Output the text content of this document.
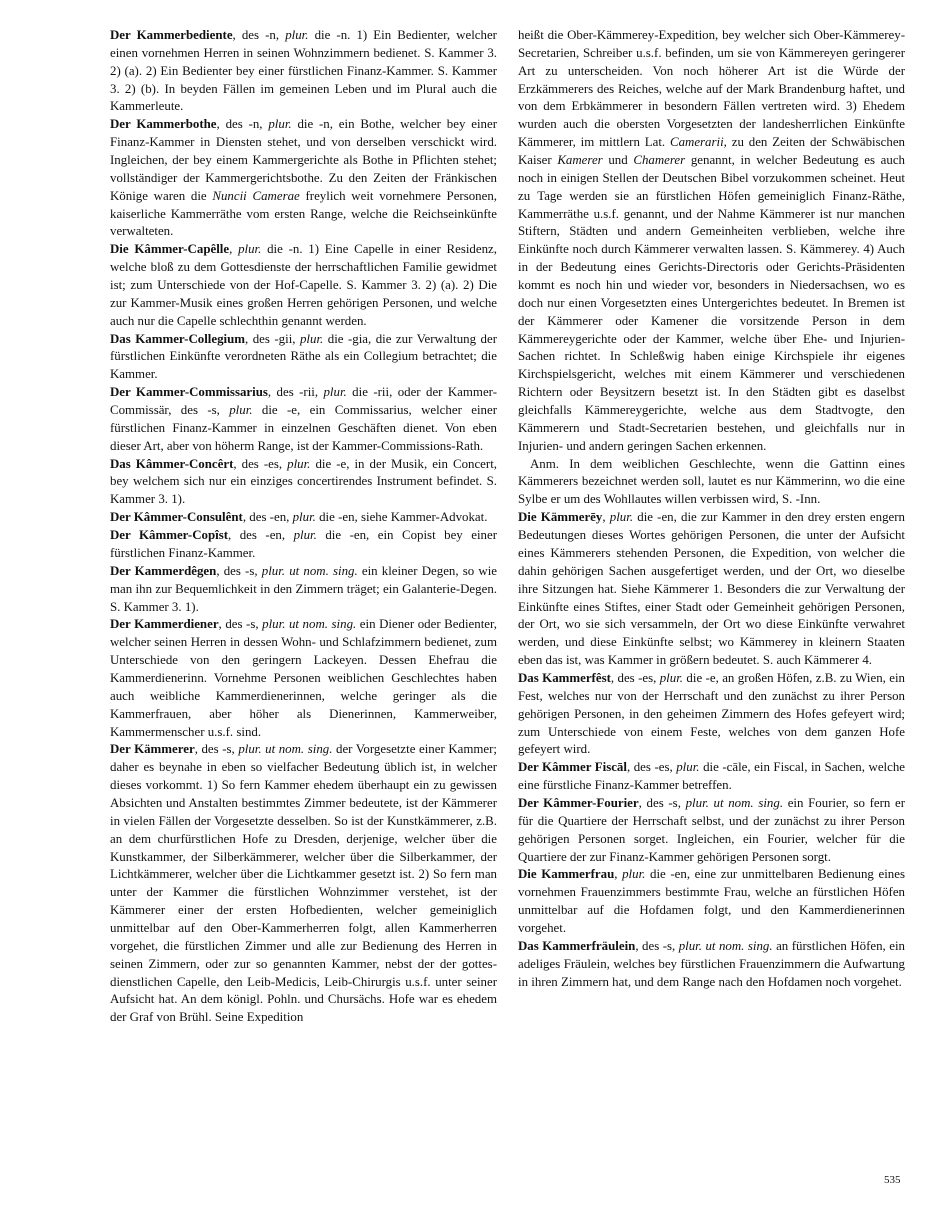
Der Kammerbediente, des -n, plur. die -n. 1) Ein Bedienter, welcher einen vornehmen Herren in seinen Wohnzimmern bedienet. S. Kammer 3. 2) (a). 2) Ein Bedienter bey einer fürstlichen Finanz-Kammer. S. Kammer 3. 2) (b). In beyden Fällen im gemeinen Leben und im Plural auch die Kammerleute.

Der Kammerbothe, des -n, plur. die -n, ein Bothe, welcher bey einer Finanz-Kammer in Diensten stehet, und von derselben verschickt wird. Ingleichen, der bey einem Kammergerichte als Bothe in Pflichten stehet; vollständiger der Kammergerichtsbothe. Zu den Zeiten der Fränkischen Könige waren die Nuncii Camerae freylich weit vornehmere Personen, kaiserliche Kammerräthe vom ersten Range, welche die Reichseinkünfte verwalteten.

Die Kâmmer-Capêlle, plur. die -n. 1) Eine Capelle in einer Residenz, welche bloß zu dem Gottesdienste der herrschaftlichen Familie gewidmet ist; zum Unterschiede von der Hof-Capelle. S. Kammer 3. 2) (a). 2) Die zur Kammer-Musik eines großen Herren gehörigen Personen, und welche auch nur die Capelle schlechthin genannt werden.

Das Kammer-Collegium, des -gii, plur. die -gia, die zur Verwaltung der fürstlichen Einkünfte verordneten Räthe als ein Collegium betrachtet; die Kammer.

Der Kammer-Commissarius, des -rii, plur. die -rii, oder der Kammer-Commissär, des -s, plur. die -e, ein Commissarius, welcher einer fürstlichen Finanz-Kammer in einzelnen Geschäften dienet. Von eben dieser Art, aber von höherm Range, ist der Kammer-Commissions-Rath.

Das Kâmmer-Concêrt, des -es, plur. die -e, in der Musik, ein Concert, bey welchem sich nur ein einziges concertirendes Instrument befindet. S. Kammer 3. 1).

Der Kâmmer-Consulênt, des -en, plur. die -en, siehe Kammer-Advokat.

Der Kâmmer-Copîst, des -en, plur. die -en, ein Copist bey einer fürstlichen Finanz-Kammer.

Der Kammerdêgen, des -s, plur. ut nom. sing. ein kleiner Degen, so wie man ihn zur Bequemlichkeit in den Zimmern träget; ein Galanterie-Degen. S. Kammer 3. 1).

Der Kammerdiener, des -s, plur. ut nom. sing. ein Diener oder Bedienter, welcher seinen Herren in dessen Wohn- und Schlafzimmern bedienet, zum Unterschiede von den geringern Lackeyen. Dessen Ehefrau die Kammerdienerinn. Vornehme Personen weiblichen Geschlechtes haben auch weibliche Kammerdienerinnen, welche geringer als die Kammerfrauen, aber höher als Dienerinnen, Kammerweiber, Kammermenscher u.s.f. sind.

Der Kämmerer, des -s, plur. ut nom. sing. der Vorgesetzte einer Kammer; daher es beynahe in eben so vielfacher Bedeutung üblich ist, in welcher dieses vorkommt. 1) So fern Kammer ehedem überhaupt ein zu gewissen Absichten und Anstalten bestimmtes Zimmer bedeutete, ist der Kämmerer in vielen Fällen der Vorgesetzte desselben. So ist der Kunstkämmerer, z.B. an dem churfürstlichen Hofe zu Dresden, derjenige, welcher über die Kunstkammer, der Silberkämmerer, welcher über die Silberkammer, der Lichtkämmerer, welcher über die Lichtkammer gesetzt ist. 2) So fern man unter der Kammer die fürstlichen Wohnzimmer verstehet, ist der Kämmerer einer der ersten Hofbedienten, welcher gemeiniglich unmittelbar auf den Ober-Kammerherren folgt, allen Kammerherren vorgehet, die fürstlichen Zimmer und alle zur Bedienung des Herren in seinen Zimmern, oder zur so genannten Kammer, nebst der der gottesdienstlichen Capelle, den Leib-Medicis, Leib-Chirurgis u.s.f. unter seiner Aufsicht hat. An dem königl. Pohln. und Chursächs. Hofe war es ehedem der Graf von Brühl. Seine Expedition

heißt die Ober-Kämmerey-Expedition, bey welcher sich Ober-Kämmerey-Secretarien, Schreiber u.s.f. befinden, um sie von Kämmereyen geringerer Art zu unterscheiden. Von noch höherer Art ist die Würde der Erzkämmerers des Reiches, welche auf der Mark Brandenburg haftet, und von dem Erbkämmerer in besondern Fällen vertreten wird. 3) Ehedem wurden auch die obersten Vorgesetzten der landesherrlichen Einkünfte Kämmerer, im mittlern Lat. Camerarii, zu den Zeiten der Schwäbischen Kaiser Kamerer und Chamerer genannt, in welcher Bedeutung es auch noch in einigen Stellen der Deutschen Bibel vorzukommen scheinet. Heut zu Tage werden sie an fürstlichen Höfen gemeiniglich Finanz-Räthe, Kammerräthe u.s.f. genannt, und der Nahme Kämmerer ist nur manchen Stiftern, Städten und andern Gemeinheiten verblieben, welche ihre Einkünfte noch durch Kämmerer verwalten lassen. S. Kämmerey. 4) Auch in der Bedeutung eines Gerichts-Directoris oder Gerichts-Präsidenten kommt es noch hin und wieder vor, besonders in Niedersachsen, wo es doch nur einen Vorgesetzten eines Untergerichtes bedeutet. In Bremen ist der Kämmerer oder Kamener die vorsitzende Person in dem Kämmereygerichte oder der Kammer, welche über Ehe- und Injurien-Sachen richtet. In Schleßwig haben einige Kirchspiele ihr eigenes Kirchspielsgericht, welches mit einem Kämmerer und verschiedenen Richtern oder Beysitzern besetzt ist. In den Städten gibt es daselbst gleichfalls Kämmereygerichte, welche aus dem Stadtvogte, den Kämmerern und Stadt-Secretarien bestehen, und gleichfalls nur in Injurien- und andern geringen Sachen erkennen.

Anm. In dem weiblichen Geschlechte, wenn die Gattinn eines Kämmerers bezeichnet werden soll, lautet es nur Kämmerinn, wo die eine Sylbe er um des Wohllautes willen verbissen wird, S. -Inn.

Die Kämmerēy, plur. die -en, die zur Kammer in den drey ersten engern Bedeutungen dieses Wortes gehörigen Personen, die unter der Aufsicht eines Kämmerers stehenden Personen, die Expedition, von welcher die dahin gehörigen Sachen ausgefertiget werden, und der Ort, wo dieselbe ihre Sitzungen hat. Siehe Kämmerer 1. Besonders die zur Verwaltung der Einkünfte eines Stiftes, einer Stadt oder Gemeinheit gehörigen Personen, der Ort, wo sie sich versammeln, der Ort wo diese Einkünfte verwahret werden, und diese Einkünfte selbst; wo Kämmerey in kleinern Staaten eben das ist, was Kammer in größern bedeutet. S. auch Kämmerer 4.

Das Kammerfêst, des -es, plur. die -e, an großen Höfen, z.B. zu Wien, ein Fest, welches nur von der Herrschaft und den zunächst zu ihrer Person gehörigen Personen, in den geheimen Zimmern des Hofes gefeyert wird; zum Unterschiede von einem Feste, welches von dem ganzen Hofe gefeyert wird.

Der Kâmmer Fiscāl, des -es, plur. die -cāle, ein Fiscal, in Sachen, welche eine fürstliche Finanz-Kammer betreffen.

Der Kâmmer-Fourier, des -s, plur. ut nom. sing. ein Fourier, so fern er für die Quartiere der Herrschaft selbst, und der zunächst zu ihrer Person gehörigen Personen sorget. Ingleichen, ein Fourier, welcher für die Quartiere der zur Finanz-Kammer gehörigen Personen sorgt.

Die Kammerfrau, plur. die -en, eine zur unmittelbaren Bedienung eines vornehmen Frauenzimmers bestimmte Frau, welche an fürstlichen Höfen unmittelbar auf die Hofdamen folgt, und den Kammerdienerinnen vorgehet.

Das Kammerfräulein, des -s, plur. ut nom. sing. an fürstlichen Höfen, ein adeliges Fräulein, welches bey fürstlichen Frauenzimmern die Aufwartung in ihren Zimmern hat, und dem Range nach den Hofdamen noch vorgehet.

535
